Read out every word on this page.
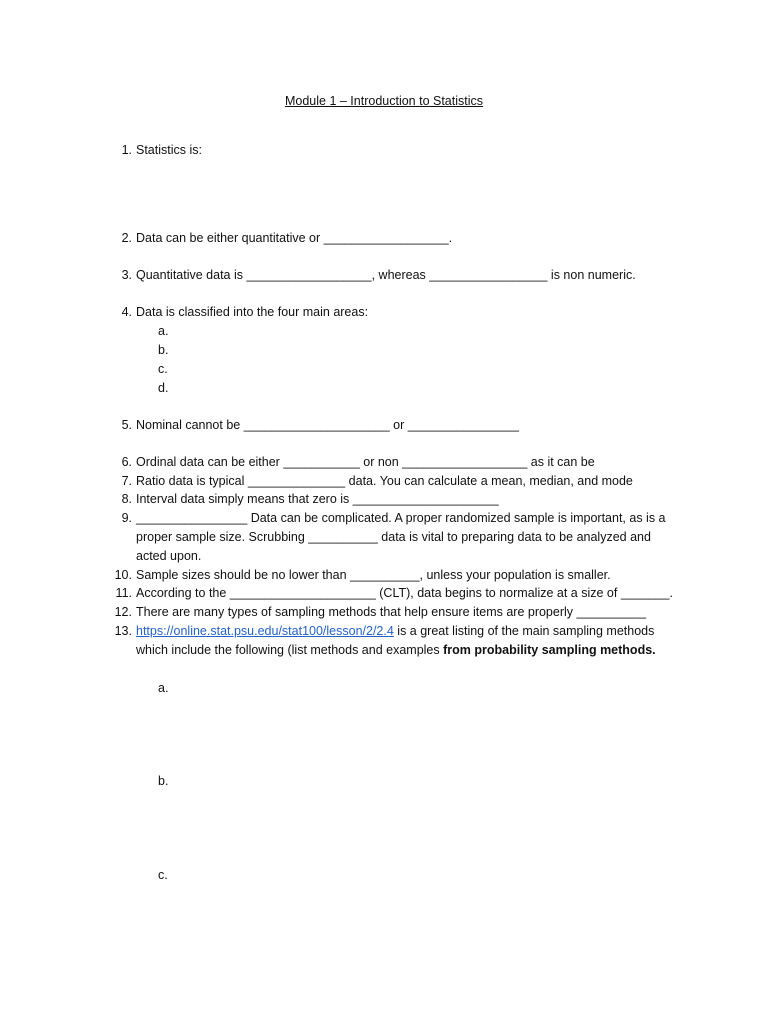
Module 1 – Introduction to Statistics
1. Statistics is:
2. Data can be either quantitative or __________________.
3. Quantitative data is __________________, whereas _________________ is non numeric.
4. Data is classified into the four main areas:
a.
b.
c.
d.
5. Nominal cannot be _____________________ or ________________
6. Ordinal data can be either ___________ or non __________________ as it can be
7. Ratio data is typical ______________ data. You can calculate a mean, median, and mode
8. Interval data simply means that zero is _____________________
9. ________________ Data can be complicated. A proper randomized sample is important, as is a proper sample size. Scrubbing __________ data is vital to preparing data to be analyzed and acted upon.
10. Sample sizes should be no lower than __________, unless your population is smaller.
11. According to the _____________________ (CLT), data begins to normalize at a size of _______.
12. There are many types of sampling methods that help ensure items are properly __________
13. https://online.stat.psu.edu/stat100/lesson/2/2.4 is a great listing of the main sampling methods which include the following (list methods and examples from probability sampling methods.
a.
b.
c.
